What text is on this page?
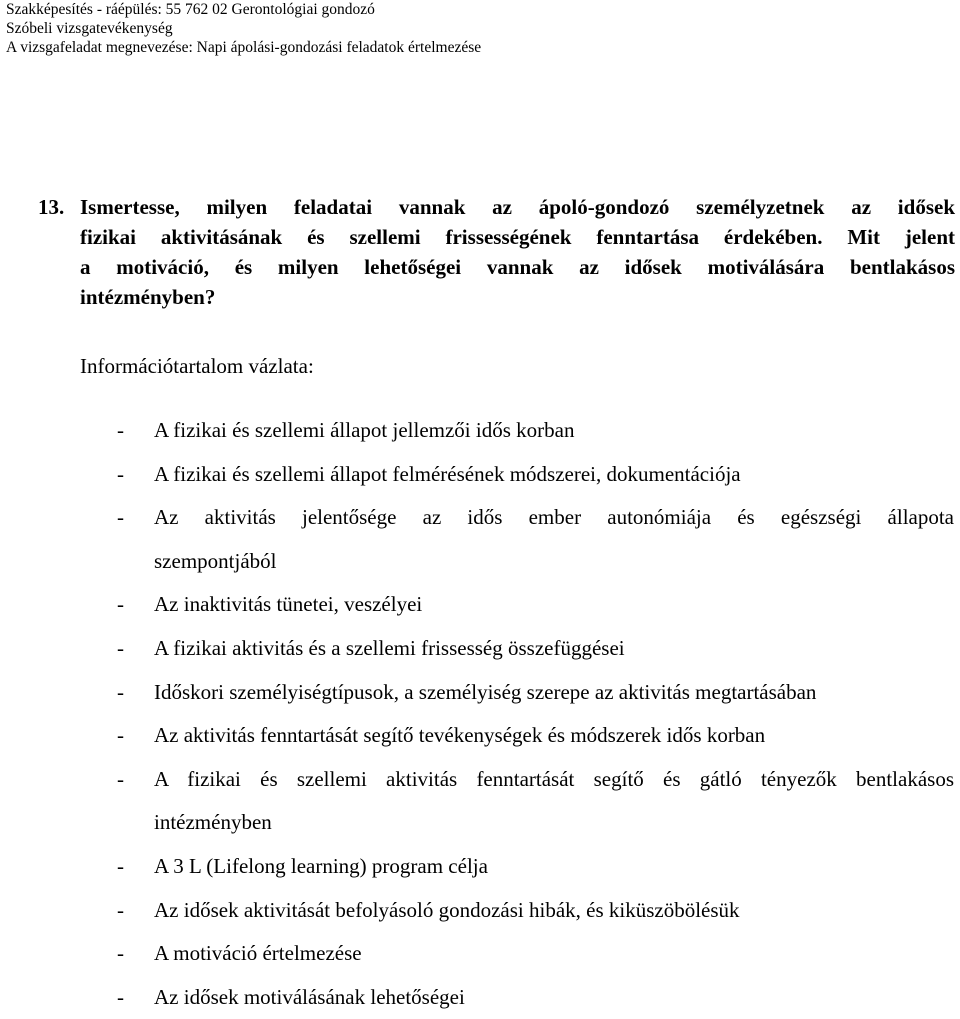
Szakképesítés - ráépülés: 55 762 02 Gerontológiai gondozó
Szóbeli vizsgatevékenység
A vizsgafeladat megnevezése: Napi ápolási-gondozási feladatok értelmezése
13. Ismertesse, milyen feladatai vannak az ápoló-gondozó személyzetnek az idősek
fizikai aktivitásának és szellemi frissességének fenntartása érdekében. Mit jelent
a motiváció, és milyen lehetőségei vannak az idősek motiválására bentlakásos
intézményben?
Információtartalom vázlata:
- A fizikai és szellemi állapot jellemzői idős korban
- A fizikai és szellemi állapot felmérésének módszerei, dokumentációja
- Az aktivitás jelentősége az idős ember autonómiája és egészségi állapota
szempontjából
- Az inaktivitás tünetei, veszélyei
- A fizikai aktivitás és a szellemi frissesség összefüggései
- Időskori személyiségtípusok, a személyiség szerepe az aktivitás megtartásában
- Az aktivitás fenntartását segítő tevékenységek és módszerek idős korban
- A fizikai és szellemi aktivitás fenntartását segítő és gátló tényezők bentlakásos
intézményben
- A 3 L (Lifelong learning) program célja
- Az idősek aktivitását befolyásoló gondozási hibák, és kiküszöbölésük
- A motiváció értelmezése
- Az idősek motiválásának lehetőségei
